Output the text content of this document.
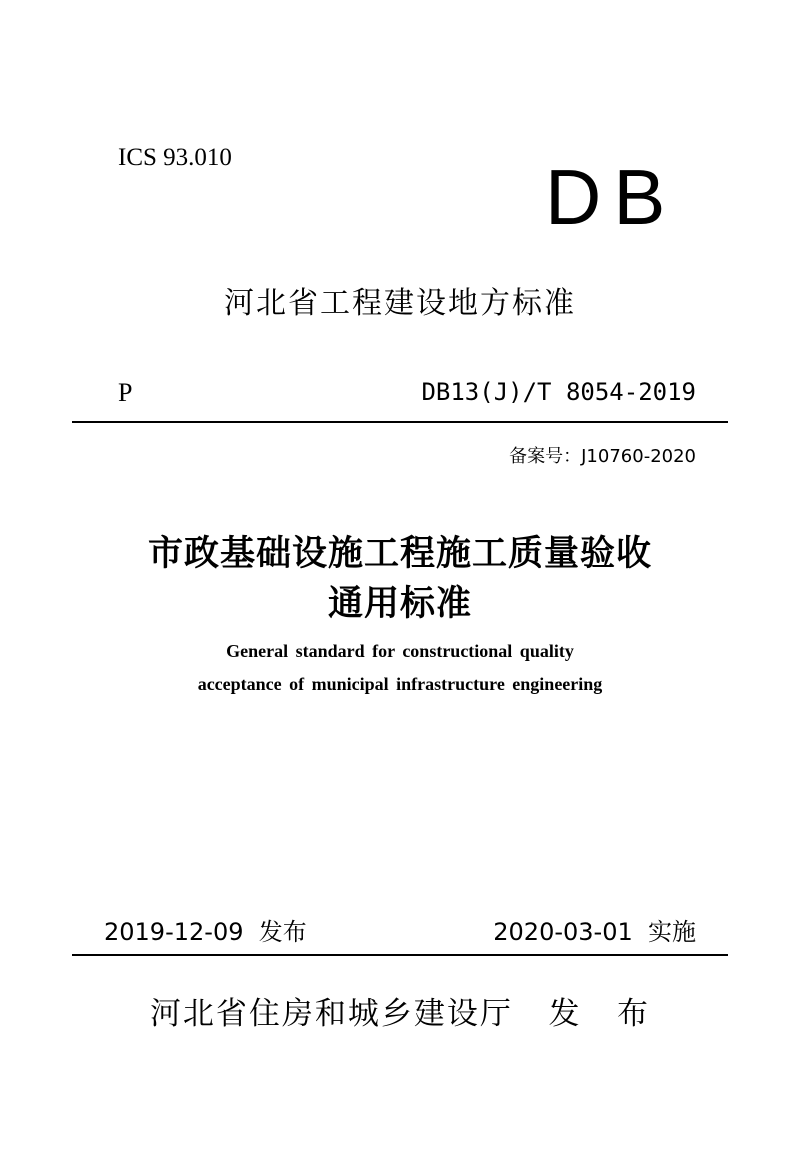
ICS 93.010	DB
河北省工程建设地方标准
P	DB13(J)/T 8054-2019
备案号：J10760-2020
市政基础设施工程施工质量验收
通用标准
General standard for constructional quality
acceptance of municipal infrastructure engineering
2019-12-09  发布	2020-03-01  实施
河北省住房和城乡建设厅   发   布
